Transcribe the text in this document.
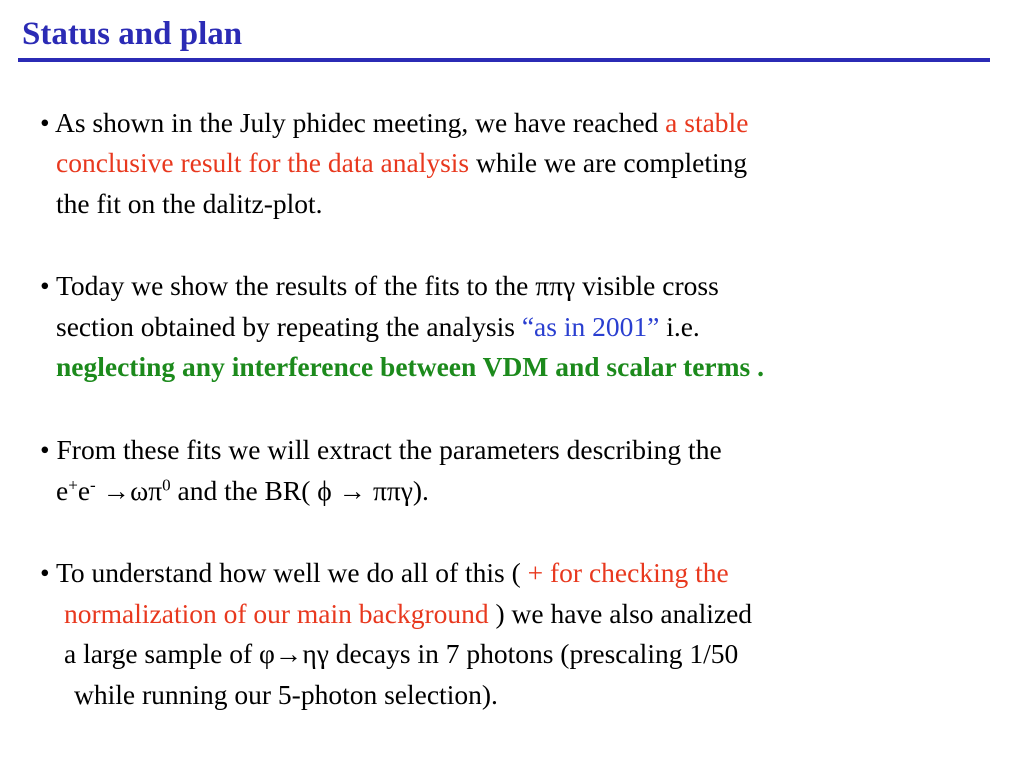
Status and plan
• As shown in the July phidec meeting, we have reached a stable
conclusive result for the data analysis while we are completing
the fit on the dalitz-plot.
• Today we show the results of the fits to the ππγ visible cross
section obtained by repeating the analysis “as in 2001” i.e.
neglecting any interference between VDM and scalar terms .
• From these fits we will extract the parameters describing the
$e^+e^- \to\omega\pi^0$ and the BR( ϕ → ππγ).
• To understand how well we do all of this ( + for checking the
normalization of our main background ) we have also analized
a large sample of φ→ηγ decays in 7 photons (prescaling 1/50
while running our 5-photon selection).
